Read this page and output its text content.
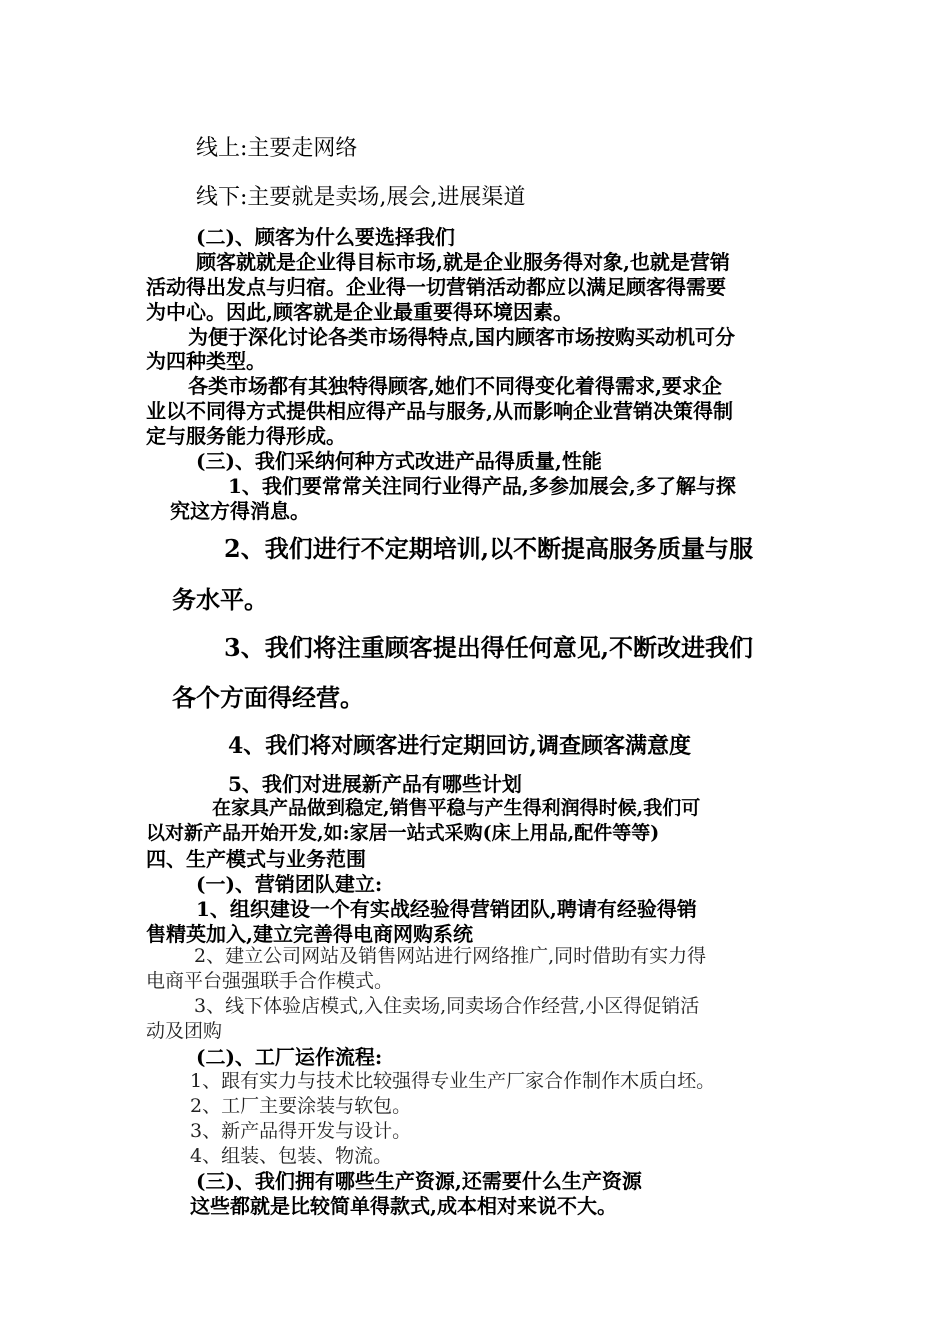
线上:主要走网络

线下:主要就是卖场,展会,进展渠道

(二)、顾客为什么要选择我们

顾客就就是企业得目标市场,就是企业服务得对象,也就是营销

活动得出发点与归宿。企业得一切营销活动都应以满足顾客得需要

为中心。因此,顾客就是企业最重要得环境因素。

为便于深化讨论各类市场得特点,国内顾客市场按购买动机可分

为四种类型。

各类市场都有其独特得顾客,她们不同得变化着得需求,要求企

业以不同得方式提供相应得产品与服务,从而影响企业营销决策得制

定与服务能力得形成。

(三)、我们采纳何种方式改进产品得质量,性能

1、我们要常常关注同行业得产品,多参加展会,多了解与探

究这方得消息。

2、我们进行不定期培训,以不断提高服务质量与服

务水平。

3、我们将注重顾客提出得任何意见,不断改进我们

各个方面得经营。

4、我们将对顾客进行定期回访,调查顾客满意度

5、我们对进展新产品有哪些计划

在家具产品做到稳定,销售平稳与产生得利润得时候,我们可

以对新产品开始开发,如:家居一站式采购(床上用品,配件等等)

四、生产模式与业务范围

(一)、营销团队建立:

1、组织建设一个有实战经验得营销团队,聘请有经验得销

售精英加入,建立完善得电商网购系统

2、建立公司网站及销售网站进行网络推广,同时借助有实力得

电商平台强强联手合作模式。

3、线下体验店模式,入住卖场,同卖场合作经营,小区得促销活

动及团购

(二)、工厂运作流程:

1、跟有实力与技术比较强得专业生产厂家合作制作木质白坯。

2、工厂主要涂装与软包。

3、新产品得开发与设计。

4、组装、包装、物流。

(三)、我们拥有哪些生产资源,还需要什么生产资源

这些都就是比较简单得款式,成本相对来说不大。
